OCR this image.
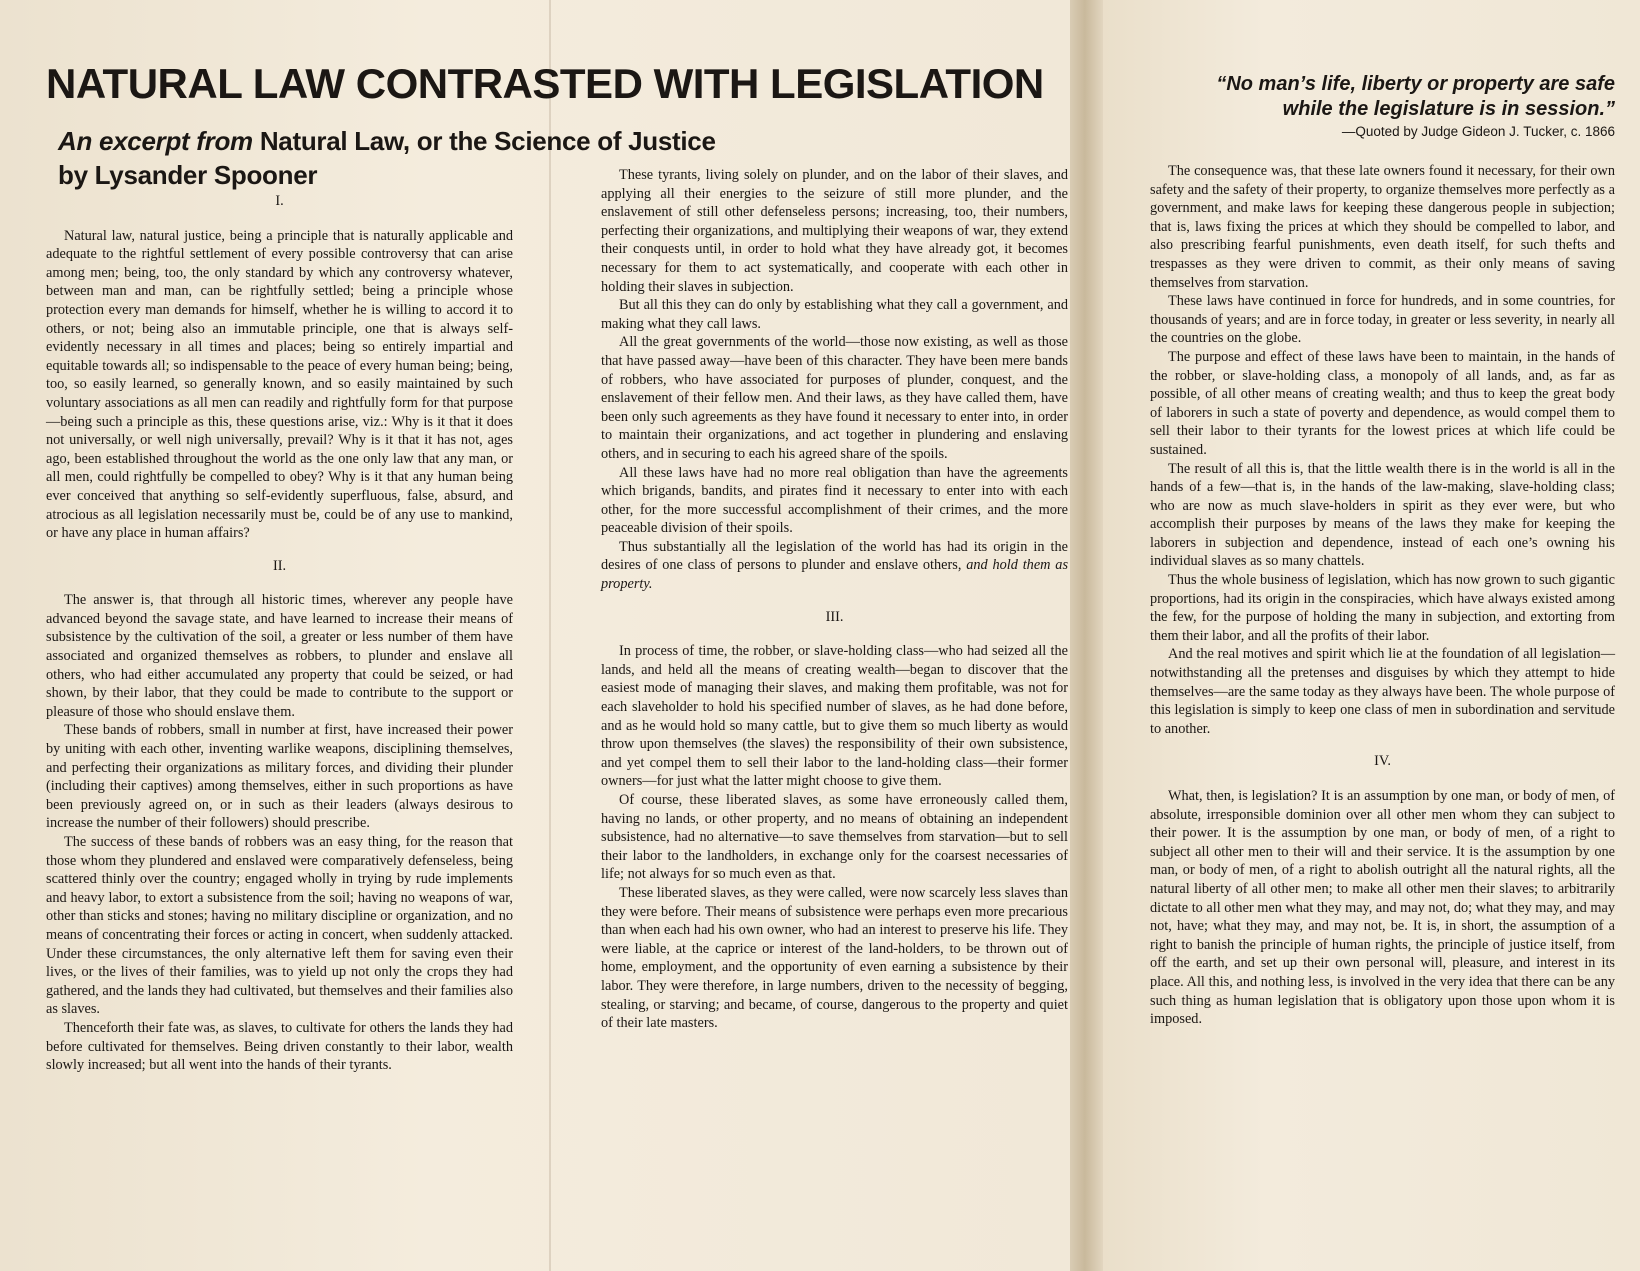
NATURAL LAW CONTRASTED WITH LEGISLATION
An excerpt from Natural Law, or the Science of Justice
by Lysander Spooner
“No man’s life, liberty or property are safe while the legislature is in session.”
—Quoted by Judge Gideon J. Tucker, c. 1866

I.

Natural law, natural justice, being a principle that is naturally applicable and adequate to the rightful settlement of every possible controversy that can arise among men; being, too, the only standard by which any controversy whatever, between man and man, can be rightfully settled; being a principle whose protection every man demands for himself, whether he is willing to accord it to others, or not; being also an immutable principle, one that is always self-evidently necessary in all times and places; being so entirely impartial and equitable towards all; so indispensable to the peace of every human being; being, too, so easily learned, so generally known, and so easily maintained by such voluntary associations as all men can readily and rightfully form for that purpose—being such a principle as this, these questions arise, viz.: Why is it that it does not universally, or well nigh universally, prevail? Why is it that it has not, ages ago, been established throughout the world as the one only law that any man, or all men, could rightfully be compelled to obey? Why is it that any human being ever conceived that anything so self-evidently superfluous, false, absurd, and atrocious as all legislation necessarily must be, could be of any use to mankind, or have any place in human affairs?

II.

The answer is, that through all historic times, wherever any people have advanced beyond the savage state, and have learned to increase their means of subsistence by the cultivation of the soil, a greater or less number of them have associated and organized themselves as robbers, to plunder and enslave all others, who had either accumulated any property that could be seized, or had shown, by their labor, that they could be made to contribute to the support or pleasure of those who should enslave them.

These bands of robbers, small in number at first, have increased their power by uniting with each other, inventing warlike weapons, disciplining themselves, and perfecting their organizations as military forces, and dividing their plunder (including their captives) among themselves, either in such proportions as have been previously agreed on, or in such as their leaders (always desirous to increase the number of their followers) should prescribe.

The success of these bands of robbers was an easy thing, for the reason that those whom they plundered and enslaved were comparatively defenseless, being scattered thinly over the country; engaged wholly in trying by rude implements and heavy labor, to extort a subsistence from the soil; having no weapons of war, other than sticks and stones; having no military discipline or organization, and no means of concentrating their forces or acting in concert, when suddenly attacked. Under these circumstances, the only alternative left them for saving even their lives, or the lives of their families, was to yield up not only the crops they had gathered, and the lands they had cultivated, but themselves and their families also as slaves.

Thenceforth their fate was, as slaves, to cultivate for others the lands they had before cultivated for themselves. Being driven constantly to their labor, wealth slowly increased; but all went into the hands of their tyrants.

These tyrants, living solely on plunder, and on the labor of their slaves, and applying all their energies to the seizure of still more plunder, and the enslavement of still other defenseless persons; increasing, too, their numbers, perfecting their organizations, and multiplying their weapons of war, they extend their conquests until, in order to hold what they have already got, it becomes necessary for them to act systematically, and cooperate with each other in holding their slaves in subjection.

But all this they can do only by establishing what they call a government, and making what they call laws.

All the great governments of the world—those now existing, as well as those that have passed away—have been of this character. They have been mere bands of robbers, who have associated for purposes of plunder, conquest, and the enslavement of their fellow men. And their laws, as they have called them, have been only such agreements as they have found it necessary to enter into, in order to maintain their organizations, and act together in plundering and enslaving others, and in securing to each his agreed share of the spoils.

All these laws have had no more real obligation than have the agreements which brigands, bandits, and pirates find it necessary to enter into with each other, for the more successful accomplishment of their crimes, and the more peaceable division of their spoils.

Thus substantially all the legislation of the world has had its origin in the desires of one class of persons to plunder and enslave others, and hold them as property.

III.

In process of time, the robber, or slave-holding class—who had seized all the lands, and held all the means of creating wealth—began to discover that the easiest mode of managing their slaves, and making them profitable, was not for each slaveholder to hold his specified number of slaves, as he had done before, and as he would hold so many cattle, but to give them so much liberty as would throw upon themselves (the slaves) the responsibility of their own subsistence, and yet compel them to sell their labor to the land-holding class—their former owners—for just what the latter might choose to give them.

Of course, these liberated slaves, as some have erroneously called them, having no lands, or other property, and no means of obtaining an independent subsistence, had no alternative—to save themselves from starvation—but to sell their labor to the landholders, in exchange only for the coarsest necessaries of life; not always for so much even as that.

These liberated slaves, as they were called, were now scarcely less slaves than they were before. Their means of subsistence were perhaps even more precarious than when each had his own owner, who had an interest to preserve his life. They were liable, at the caprice or interest of the land-holders, to be thrown out of home, employment, and the opportunity of even earning a subsistence by their labor. They were therefore, in large numbers, driven to the necessity of begging, stealing, or starving; and became, of course, dangerous to the property and quiet of their late masters.

The consequence was, that these late owners found it necessary, for their own safety and the safety of their property, to organize themselves more perfectly as a government, and make laws for keeping these dangerous people in subjection; that is, laws fixing the prices at which they should be compelled to labor, and also prescribing fearful punishments, even death itself, for such thefts and trespasses as they were driven to commit, as their only means of saving themselves from starvation.

These laws have continued in force for hundreds, and in some countries, for thousands of years; and are in force today, in greater or less severity, in nearly all the countries on the globe.

The purpose and effect of these laws have been to maintain, in the hands of the robber, or slave-holding class, a monopoly of all lands, and, as far as possible, of all other means of creating wealth; and thus to keep the great body of laborers in such a state of poverty and dependence, as would compel them to sell their labor to their tyrants for the lowest prices at which life could be sustained.

The result of all this is, that the little wealth there is in the world is all in the hands of a few—that is, in the hands of the law-making, slave-holding class; who are now as much slave-holders in spirit as they ever were, but who accomplish their purposes by means of the laws they make for keeping the laborers in subjection and dependence, instead of each one’s owning his individual slaves as so many chattels.

Thus the whole business of legislation, which has now grown to such gigantic proportions, had its origin in the conspiracies, which have always existed among the few, for the purpose of holding the many in subjection, and extorting from them their labor, and all the profits of their labor.

And the real motives and spirit which lie at the foundation of all legislation—notwithstanding all the pretenses and disguises by which they attempt to hide themselves—are the same today as they always have been. The whole purpose of this legislation is simply to keep one class of men in subordination and servitude to another.

IV.

What, then, is legislation? It is an assumption by one man, or body of men, of absolute, irresponsible dominion over all other men whom they can subject to their power. It is the assumption by one man, or body of men, of a right to subject all other men to their will and their service. It is the assumption by one man, or body of men, of a right to abolish outright all the natural rights, all the natural liberty of all other men; to make all other men their slaves; to arbitrarily dictate to all other men what they may, and may not, do; what they may, and may not, have; what they may, and may not, be. It is, in short, the assumption of a right to banish the principle of human rights, the principle of justice itself, from off the earth, and set up their own personal will, pleasure, and interest in its place. All this, and nothing less, is involved in the very idea that there can be any such thing as human legislation that is obligatory upon those upon whom it is imposed.
